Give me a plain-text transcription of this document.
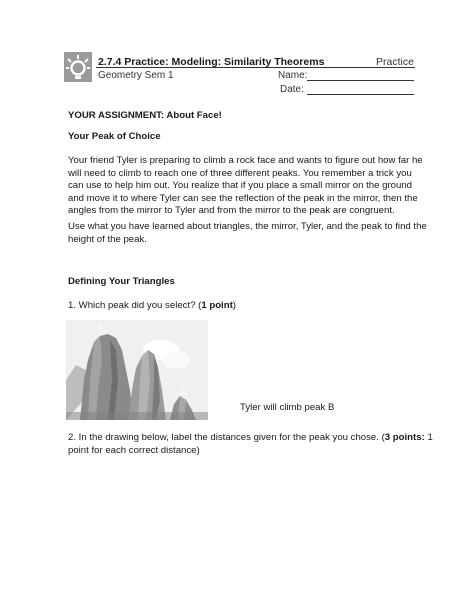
2.7.4 Practice: Modeling: Similarity Theorems	Practice
Geometry Sem 1	Name:
Date:
YOUR ASSIGNMENT: About Face!
Your Peak of Choice
Your friend Tyler is preparing to climb a rock face and wants to figure out how far he
will need to climb to reach one of three different peaks. You remember a trick you
can use to help him out. You realize that if you place a small mirror on the ground
and move it to where Tyler can see the reflection of the peak in the mirror, then the
angles from the mirror to Tyler and from the mirror to the peak are congruent.
Use what you have learned about triangles, the mirror, Tyler, and the peak to find the
height of the peak.
Defining Your Triangles
1. Which peak did you select? (1 point)
C
B
A
Tyler will climb peak B
2. In the drawing below, label the distances given for the peak you chose. (3 points: 1
point for each correct distance)
